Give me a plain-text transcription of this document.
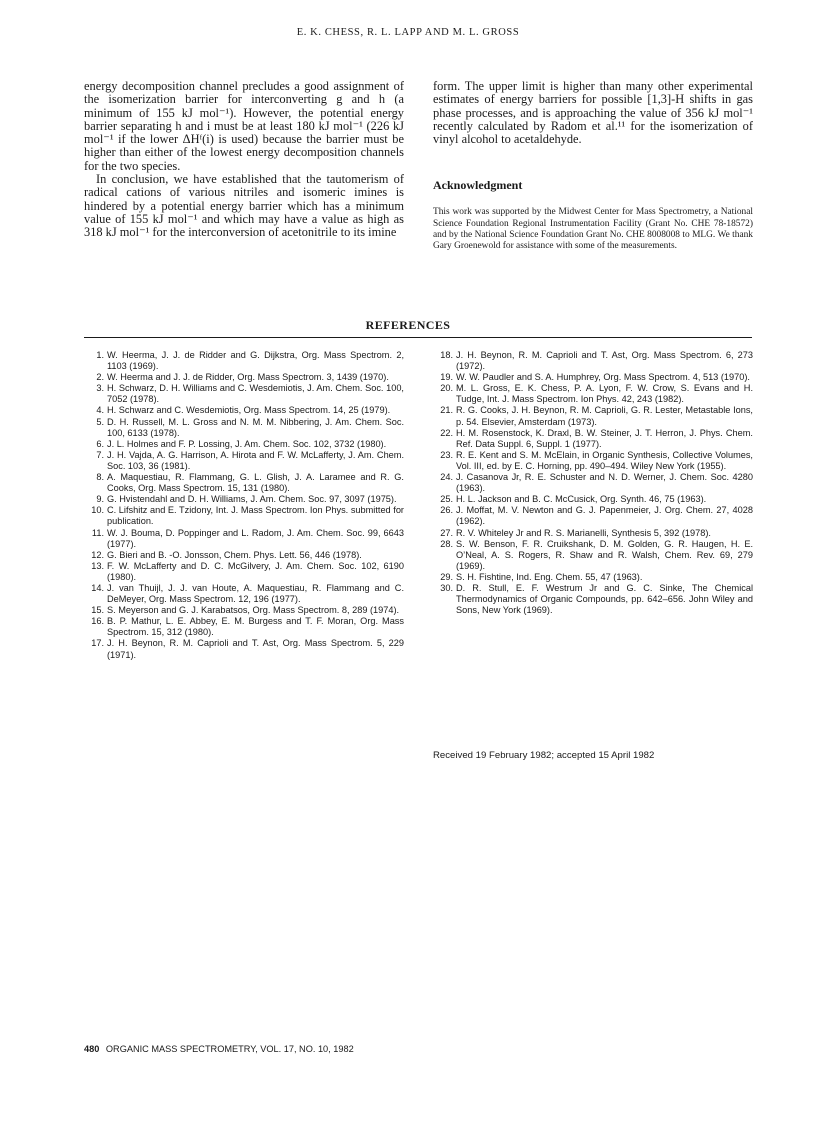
E. K. CHESS, R. L. LAPP AND M. L. GROSS

energy decomposition channel precludes a good assignment of the isomerization barrier for interconverting g and h (a minimum of 155 kJ mol⁻¹). However, the potential energy barrier separating h and i must be at least 180 kJ mol⁻¹ (226 kJ mol⁻¹ if the lower ΔHᶠ(i) is used) because the barrier must be higher than either of the lowest energy decomposition channels for the two species.

In conclusion, we have established that the tautomerism of radical cations of various nitriles and isomeric imines is hindered by a potential energy barrier which has a minimum value of 155 kJ mol⁻¹ and which may have a value as high as 318 kJ mol⁻¹ for the interconversion of acetonitrile to its imine

form. The upper limit is higher than many other experimental estimates of energy barriers for possible [1,3]-H shifts in gas phase processes, and is approaching the value of 356 kJ mol⁻¹ recently calculated by Radom et al.¹¹ for the isomerization of vinyl alcohol to acetaldehyde.

Acknowledgment

This work was supported by the Midwest Center for Mass Spectrometry, a National Science Foundation Regional Instrumentation Facility (Grant No. CHE 78-18572) and by the National Science Foundation Grant No. CHE 8008008 to MLG. We thank Gary Groenewold for assistance with some of the measurements.

REFERENCES
1. W. Heerma, J. J. de Ridder and G. Dijkstra, Org. Mass Spectrom. 2, 1103 (1969).
2. W. Heerma and J. J. de Ridder, Org. Mass Spectrom. 3, 1439 (1970).
3. H. Schwarz, D. H. Williams and C. Wesdemiotis, J. Am. Chem. Soc. 100, 7052 (1978).
4. H. Schwarz and C. Wesdemiotis, Org. Mass Spectrom. 14, 25 (1979).
5. D. H. Russell, M. L. Gross and N. M. M. Nibbering, J. Am. Chem. Soc. 100, 6133 (1978).
6. J. L. Holmes and F. P. Lossing, J. Am. Chem. Soc. 102, 3732 (1980).
7. J. H. Vajda, A. G. Harrison, A. Hirota and F. W. McLafferty, J. Am. Chem. Soc. 103, 36 (1981).
8. A. Maquestiau, R. Flammang, G. L. Glish, J. A. Laramee and R. G. Cooks, Org. Mass Spectrom. 15, 131 (1980).
9. G. Hvistendahl and D. H. Williams, J. Am. Chem. Soc. 97, 3097 (1975).
10. C. Lifshitz and E. Tzidony, Int. J. Mass Spectrom. Ion Phys. submitted for publication.
11. W. J. Bouma, D. Poppinger and L. Radom, J. Am. Chem. Soc. 99, 6643 (1977).
12. G. Bieri and B. -O. Jonsson, Chem. Phys. Lett. 56, 446 (1978).
13. F. W. McLafferty and D. C. McGilvery, J. Am. Chem. Soc. 102, 6190 (1980).
14. J. van Thuijl, J. J. van Houte, A. Maquestiau, R. Flammang and C. DeMeyer, Org. Mass Spectrom. 12, 196 (1977).
15. S. Meyerson and G. J. Karabatsos, Org. Mass Spectrom. 8, 289 (1974).
16. B. P. Mathur, L. E. Abbey, E. M. Burgess and T. F. Moran, Org. Mass Spectrom. 15, 312 (1980).
17. J. H. Beynon, R. M. Caprioli and T. Ast, Org. Mass Spectrom. 5, 229 (1971).
18. J. H. Beynon, R. M. Caprioli and T. Ast, Org. Mass Spectrom. 6, 273 (1972).
19. W. W. Paudler and S. A. Humphrey, Org. Mass Spectrom. 4, 513 (1970).
20. M. L. Gross, E. K. Chess, P. A. Lyon, F. W. Crow, S. Evans and H. Tudge, Int. J. Mass Spectrom. Ion Phys. 42, 243 (1982).
21. R. G. Cooks, J. H. Beynon, R. M. Caprioli, G. R. Lester, Metastable Ions, p. 54. Elsevier, Amsterdam (1973).
22. H. M. Rosenstock, K. Draxl, B. W. Steiner, J. T. Herron, J. Phys. Chem. Ref. Data Suppl. 6, Suppl. 1 (1977).
23. R. E. Kent and S. M. McElain, in Organic Synthesis, Collective Volumes, Vol. III, ed. by E. C. Horning, pp. 490–494. Wiley New York (1955).
24. J. Casanova Jr, R. E. Schuster and N. D. Werner, J. Chem. Soc. 4280 (1963).
25. H. L. Jackson and B. C. McCusick, Org. Synth. 46, 75 (1963).
26. J. Moffat, M. V. Newton and G. J. Papenmeier, J. Org. Chem. 27, 4028 (1962).
27. R. V. Whiteley Jr and R. S. Marianelli, Synthesis 5, 392 (1978).
28. S. W. Benson, F. R. Cruikshank, D. M. Golden, G. R. Haugen, H. E. O’Neal, A. S. Rogers, R. Shaw and R. Walsh, Chem. Rev. 69, 279 (1969).
29. S. H. Fishtine, Ind. Eng. Chem. 55, 47 (1963).
30. D. R. Stull, E. F. Westrum Jr and G. C. Sinke, The Chemical Thermodynamics of Organic Compounds, pp. 642–656. John Wiley and Sons, New York (1969).
Received 19 February 1982; accepted 15 April 1982
480 ORGANIC MASS SPECTROMETRY, VOL. 17, NO. 10, 1982
